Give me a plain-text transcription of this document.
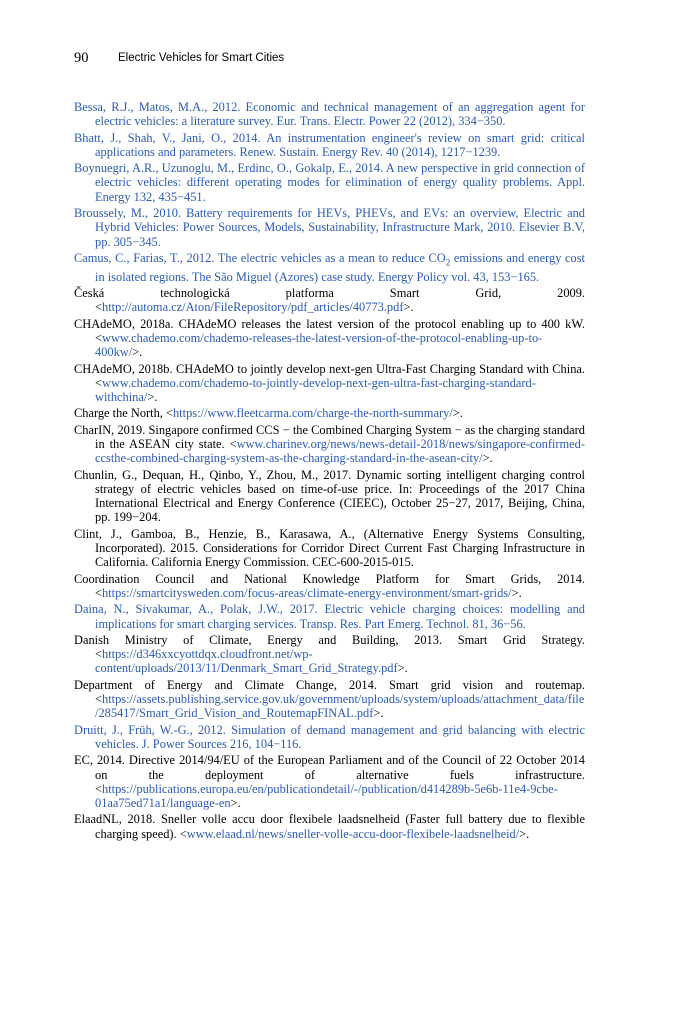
90	Electric Vehicles for Smart Cities
Bessa, R.J., Matos, M.A., 2012. Economic and technical management of an aggregation agent for electric vehicles: a literature survey. Eur. Trans. Electr. Power 22 (2012), 334−350.
Bhatt, J., Shah, V., Jani, O., 2014. An instrumentation engineer's review on smart grid: critical applications and parameters. Renew. Sustain. Energy Rev. 40 (2014), 1217−1239.
Boynuegri, A.R., Uzunoglu, M., Erdinc, O., Gokalp, E., 2014. A new perspective in grid connection of electric vehicles: different operating modes for elimination of energy quality problems. Appl. Energy 132, 435−451.
Broussely, M., 2010. Battery requirements for HEVs, PHEVs, and EVs: an overview, Electric and Hybrid Vehicles: Power Sources, Models, Sustainability, Infrastructure Mark, 2010. Elsevier B.V, pp. 305−345.
Camus, C., Farias, T., 2012. The electric vehicles as a mean to reduce $CO_2$ emissions and energy cost in isolated regions. The São Miguel (Azores) case study. Energy Policy vol. 43, 153−165.
Česká technologická platforma Smart Grid, 2009. <http://automa.cz/Aton/FileRepository/pdf_articles/40773.pdf>.
CHAdeMO, 2018a. CHAdeMO releases the latest version of the protocol enabling up to 400 kW. <www.chademo.com/chademo-releases-the-latest-version-of-the-protocol-enabling-up-to-400kw/>.
CHAdeMO, 2018b. CHAdeMO to jointly develop next-gen Ultra-Fast Charging Standard with China. <www.chademo.com/chademo-to-jointly-develop-next-gen-ultra-fast-charging-standard-withchina/>.
Charge the North, <https://www.fleetcarma.com/charge-the-north-summary/>.
CharIN, 2019. Singapore confirmed CCS − the Combined Charging System − as the charging standard in the ASEAN city state. <www.charinev.org/news/news-detail-2018/news/singapore-confirmed-ccsthe-combined-charging-system-as-the-charging-standard-in-the-asean-city/>.
Chunlin, G., Dequan, H., Qinbo, Y., Zhou, M., 2017. Dynamic sorting intelligent charging control strategy of electric vehicles based on time-of-use price. In: Proceedings of the 2017 China International Electrical and Energy Conference (CIEEC), October 25−27, 2017, Beijing, China, pp. 199−204.
Clint, J., Gamboa, B., Henzie, B., Karasawa, A., (Alternative Energy Systems Consulting, Incorporated). 2015. Considerations for Corridor Direct Current Fast Charging Infrastructure in California. California Energy Commission. CEC-600-2015-015.
Coordination Council and National Knowledge Platform for Smart Grids, 2014. <https://smartcitysweden.com/focus-areas/climate-energy-environment/smart-grids/>.
Daina, N., Sivakumar, A., Polak, J.W., 2017. Electric vehicle charging choices: modelling and implications for smart charging services. Transp. Res. Part Emerg. Technol. 81, 36−56.
Danish Ministry of Climate, Energy and Building, 2013. Smart Grid Strategy. <https://d346xxcyottdqx.cloudfront.net/wp-content/uploads/2013/11/Denmark_Smart_Grid_Strategy.pdf>.
Department of Energy and Climate Change, 2014. Smart grid vision and routemap. <https://assets.publishing.service.gov.uk/government/uploads/system/uploads/attachment_data/file/285417/Smart_Grid_Vision_and_RoutemapFINAL.pdf>.
Druitt, J., Früh, W.-G., 2012. Simulation of demand management and grid balancing with electric vehicles. J. Power Sources 216, 104−116.
EC, 2014. Directive 2014/94/EU of the European Parliament and of the Council of 22 October 2014 on the deployment of alternative fuels infrastructure. <https://publications.europa.eu/en/publicationdetail/-/publication/d414289b-5e6b-11e4-9cbe-01aa75ed71a1/language-en>.
ElaadNL, 2018. Sneller volle accu door flexibele laadsnelheid (Faster full battery due to flexible charging speed). <www.elaad.nl/news/sneller-volle-accu-door-flexibele-laadsnelheid/>.
